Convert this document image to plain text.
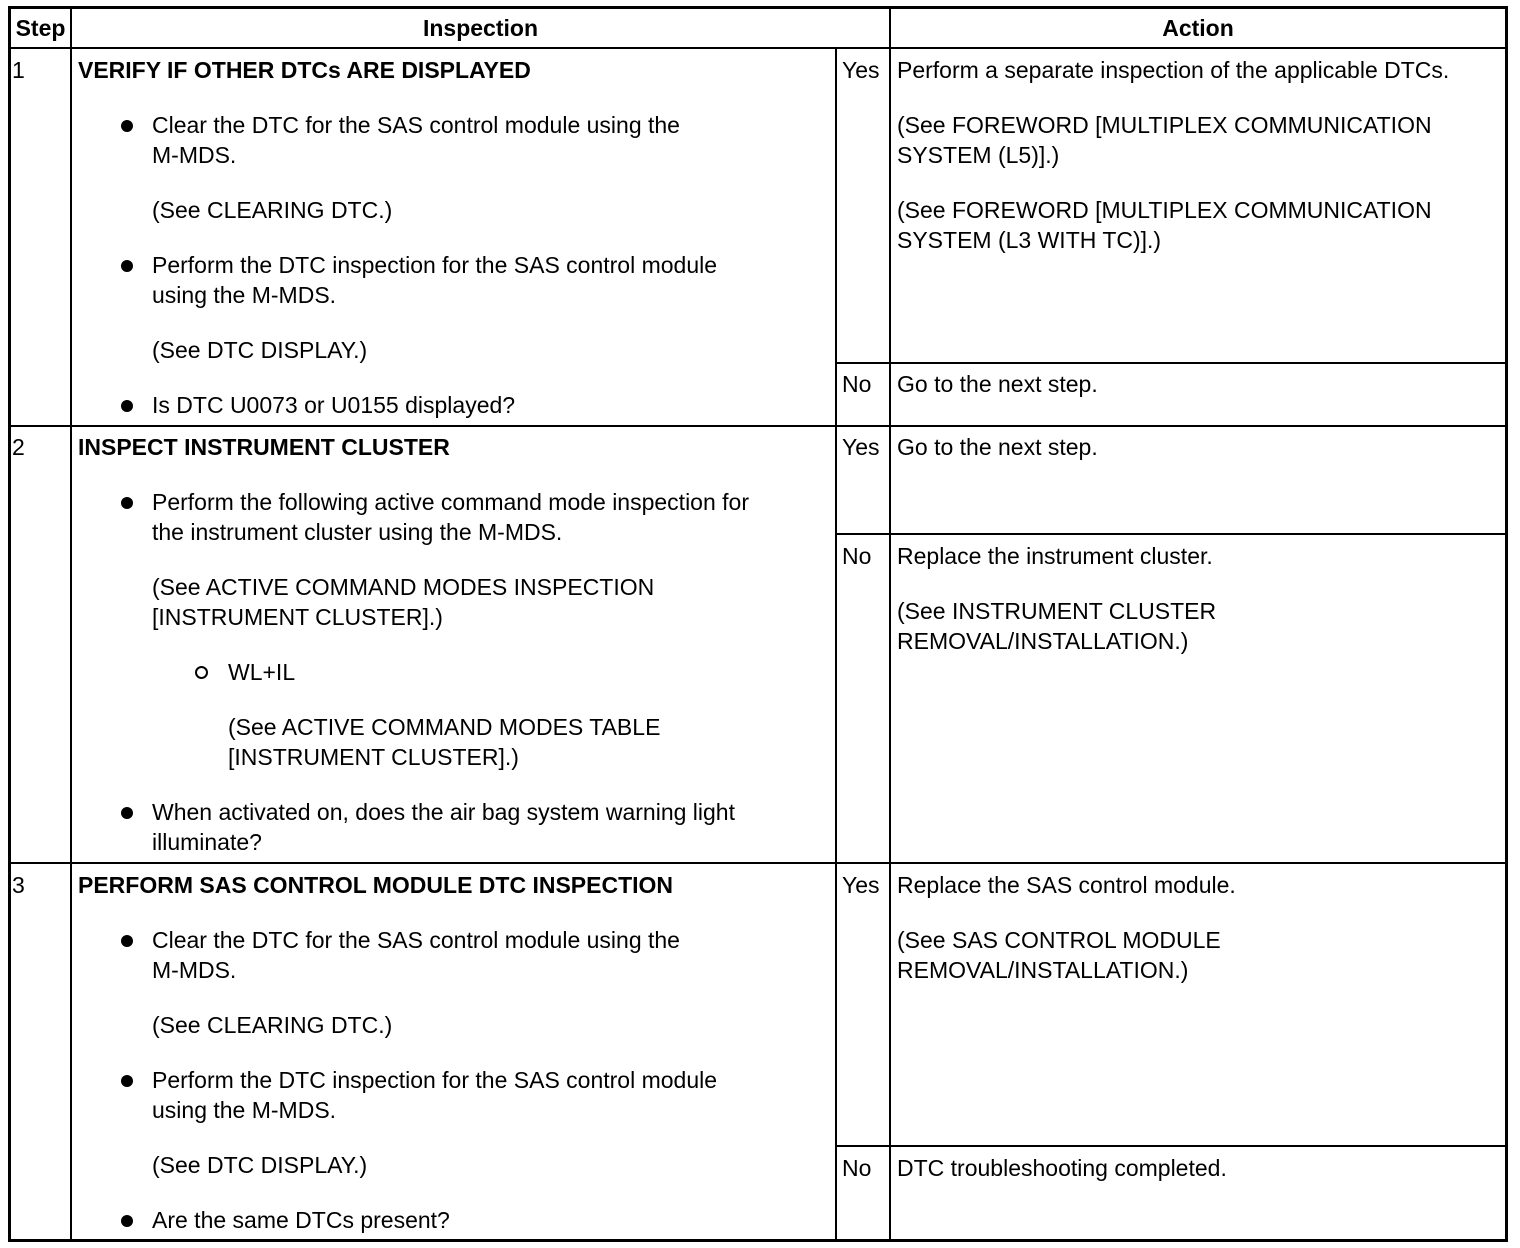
Step	Inspection	Action
1 VERIFY IF OTHER DTCs ARE DISPLAYED
Clear the DTC for the SAS control module using the
M-MDS.
(See CLEARING DTC.)
Perform the DTC inspection for the SAS control module
using the M-MDS.
(See DTC DISPLAY.)
Is DTC U0073 or U0155 displayed?
Yes Perform a separate inspection of the applicable DTCs.
(See FOREWORD [MULTIPLEX COMMUNICATION
SYSTEM (L5)].)
(See FOREWORD [MULTIPLEX COMMUNICATION
SYSTEM (L3 WITH TC)].)
No Go to the next step.
2 INSPECT INSTRUMENT CLUSTER
Perform the following active command mode inspection for
the instrument cluster using the M-MDS.
(See ACTIVE COMMAND MODES INSPECTION
[INSTRUMENT CLUSTER].)
WL+IL
(See ACTIVE COMMAND MODES TABLE
[INSTRUMENT CLUSTER].)
When activated on, does the air bag system warning light
illuminate?
Yes Go to the next step.
No Replace the instrument cluster.
(See INSTRUMENT CLUSTER
REMOVAL/INSTALLATION.)
3 PERFORM SAS CONTROL MODULE DTC INSPECTION
Clear the DTC for the SAS control module using the
M-MDS.
(See CLEARING DTC.)
Perform the DTC inspection for the SAS control module
using the M-MDS.
(See DTC DISPLAY.)
Are the same DTCs present?
Yes Replace the SAS control module.
(See SAS CONTROL MODULE
REMOVAL/INSTALLATION.)
No DTC troubleshooting completed.
